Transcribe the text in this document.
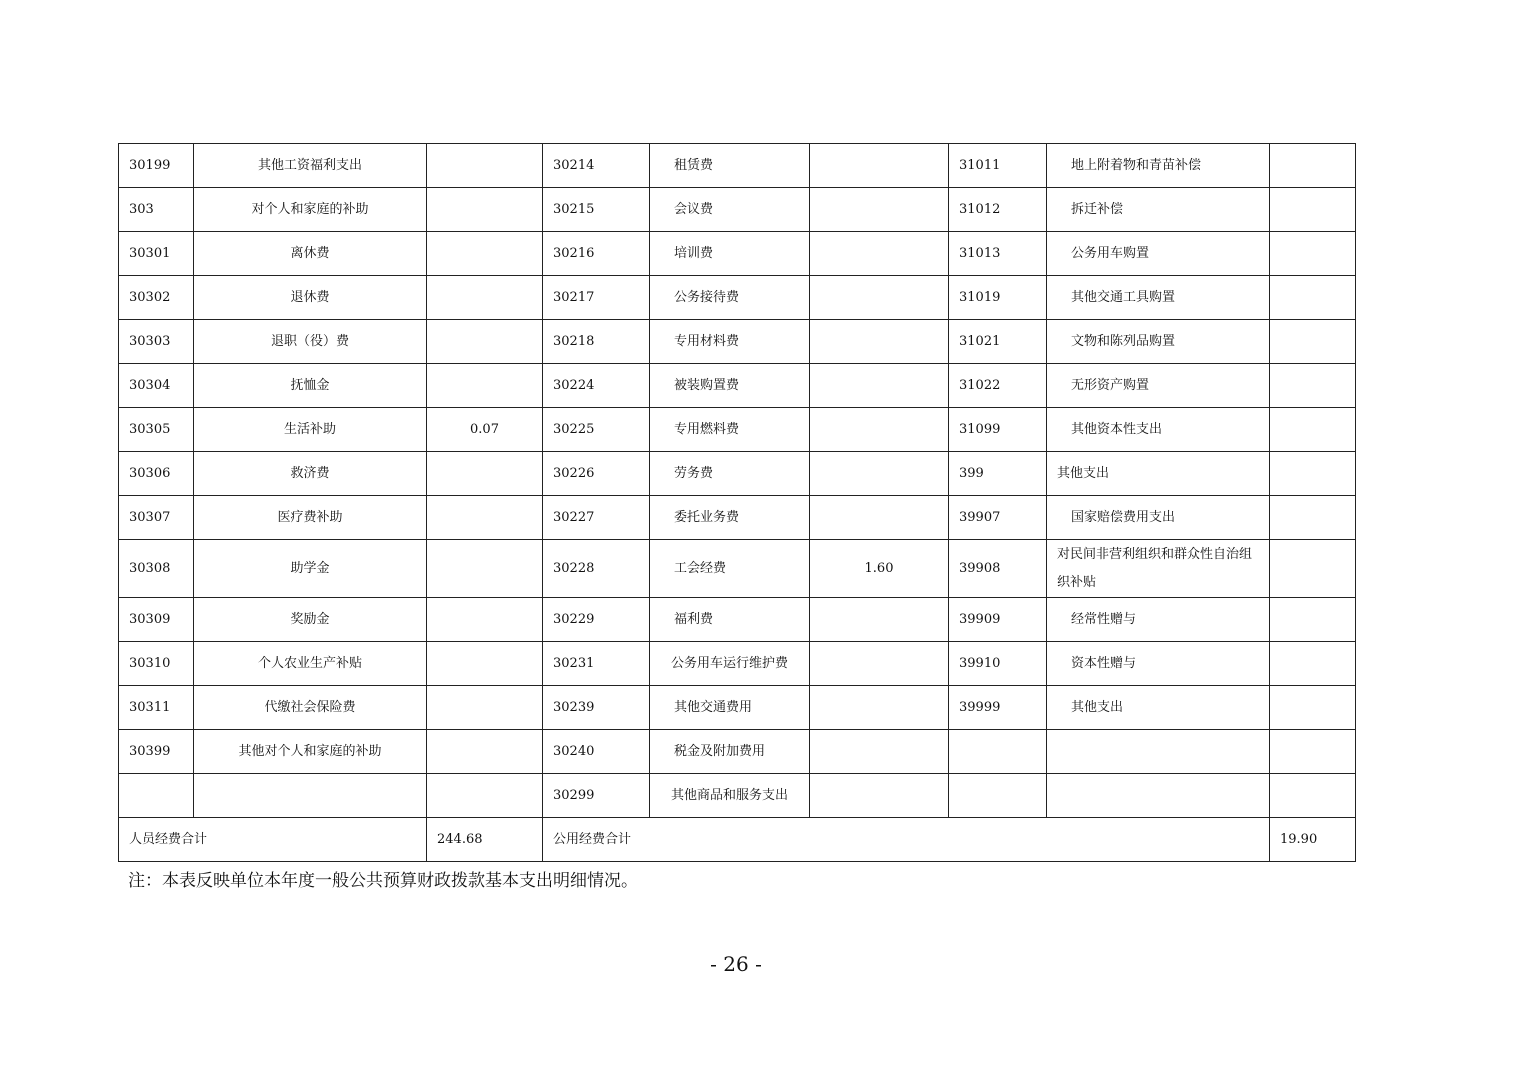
30199	其他工资福利支出		30214	租赁费		31011	地上附着物和青苗补偿	
303	对个人和家庭的补助		30215	会议费		31012	拆迁补偿	
30301	离休费		30216	培训费		31013	公务用车购置	
30302	退休费		30217	公务接待费		31019	其他交通工具购置	
30303	退职（役）费		30218	专用材料费		31021	文物和陈列品购置	
30304	抚恤金		30224	被装购置费		31022	无形资产购置	
30305	生活补助	0.07	30225	专用燃料费		31099	其他资本性支出	
30306	救济费		30226	劳务费		399	其他支出	
30307	医疗费补助		30227	委托业务费		39907	国家赔偿费用支出	
30308	助学金		30228	工会经费	1.60	39908	对民间非营利组织和群众性自治组织补贴	
30309	奖励金		30229	福利费		39909	经常性赠与	
30310	个人农业生产补贴		30231	公务用车运行维护费		39910	资本性赠与	
30311	代缴社会保险费		30239	其他交通费用		39999	其他支出	
30399	其他对个人和家庭的补助		30240	税金及附加费用				
			30299	其他商品和服务支出				
人员经费合计		244.68	公用经费合计					19.90

注：本表反映单位本年度一般公共预算财政拨款基本支出明细情况。

- 26 -
